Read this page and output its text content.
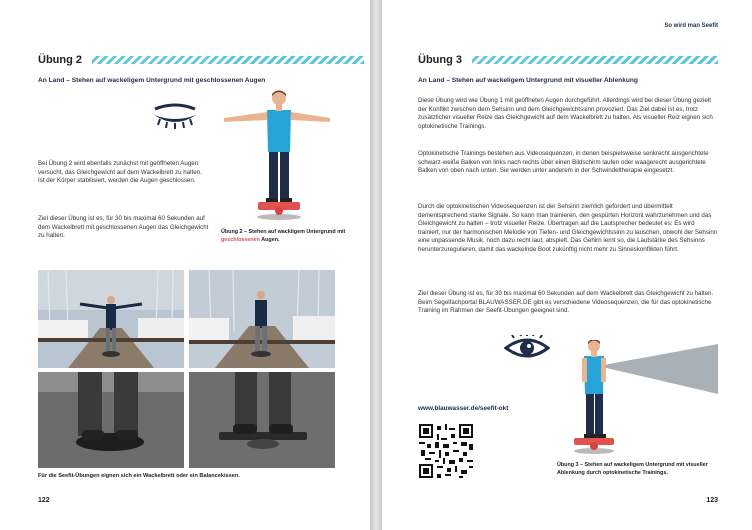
Übung 2
An Land – Stehen auf wackeligem Untergrund mit geschlossenen Augen
Bei Übung 2 wird ebenfalls zunächst mit geöffneten Augen versucht, das Gleichgewicht auf dem Wackelbrett zu halten. Ist der Körper stabilisiert, werden die Augen geschlossen.
Ziel dieser Übung ist es, für 30 bis maximal 60 Sekunden auf dem Wackelbrett mit geschlossenen Augen das Gleichgewicht zu halten.
Übung 2 – Stehen auf wackligem Untergrund mit geschlossenen Augen.
Für die Seefit-Übungen eignen sich ein Wackelbrett oder ein Balancekissen.
122
So wird man Seefit
Übung 3
An Land – Stehen auf wackeligem Untergrund mit visueller Ablenkung
Diese Übung wird wie Übung 1 mit geöffneten Augen durchgeführt. Allerdings wird bei dieser Übung gezielt der Konflikt zwischen dem Sehsinn und dem Gleichgewichtssinn provoziert. Das Ziel dabei ist es, trotz zusätzlicher visueller Reize das Gleichgewicht auf dem Wackelbrett zu halten. Als visueller Reiz eignen sich optokinetische Trainings.
Optokinetische Trainings bestehen aus Videosequenzen, in denen beispielsweise senkrecht ausgerichtete schwarz-weiße Balken von links nach rechts über einen Bildschirm laufen oder waagerecht ausgerichtete Balken von oben nach unten. Sie werden unter anderem in der Schwindeltherapie eingesetzt.
Durch die optokinetischen Videosequenzen ist der Sehsinn ziemlich gefordert und übermittelt dementsprechend starke Signale. So kann man trainieren, den gespürten Horizont wahrzunehmen und das Gleichgewicht zu halten – trotz visueller Reize. Übertragen auf die Lautsprecher bedeutet es: Es wird trainiert, nur der harmonischen Melodie von Tiefen- und Gleichgewichtssinn zu lauschen, obwohl der Sehsinn eine unpassende Musik, noch dazu recht laut, abspielt. Das Gehirn lernt so, die Lautstärke des Sehsinns herunterzuregulieren, damit das wackelnde Boot zukünftig nicht mehr zu Sinneskonflikten führt.
Ziel dieser Übung ist es, für 30 bis maximal 60 Sekunden auf dem Wackelbrett das Gleichgewicht zu halten. Beim Segelfachportal BLAUWASSER.DE gibt es verschiedene Videosequenzen, die für das optokinetische Training im Rahmen der Seefit-Übungen geeignet sind.
www.blauwasser.de/seefit-okt
Übung 3 – Stehen auf wackeligem Untergrund mit visueller Ablenkung durch optokinetische Trainings.
123
